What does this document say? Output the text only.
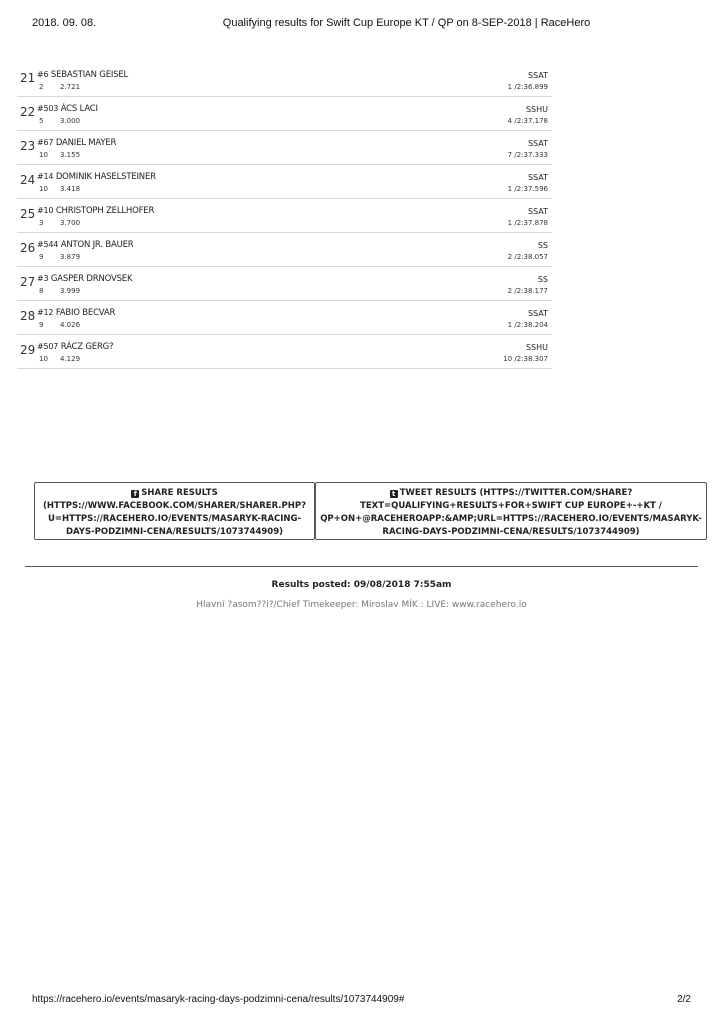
2018. 09. 08.	Qualifying results for Swift Cup Europe KT / QP on 8-SEP-2018 | RaceHero
21 #6 SEBASTIAN GEISEL
2 2.721
SSAT
1 /2:36.899
22 #503 ÁCS LACI
5 3.000
SSHU
4 /2:37.178
23 #67 DANIEL MAYER
10 3.155
SSAT
7 /2:37.333
24 #14 DOMINIK HASELSTEINER
10 3.418
SSAT
1 /2:37.596
25 #10 CHRISTOPH ZELLHOFER
3 3.700
SSAT
1 /2:37.878
26 #544 ANTON JR. BAUER
9 3.879
SS
2 /2:38.057
27 #3 GASPER DRNOVSEK
8 3.999
SS
2 /2:38.177
28 #12 FABIO BECVAR
9 4.026
SSAT
1 /2:38.204
29 #507 RÁCZ GERG?
10 4.129
SSHU
10 /2:38.307
f SHARE RESULTS
(HTTPS://WWW.FACEBOOK.COM/SHARER/SHARER.PHP?
U=HTTPS://RACEHERO.IO/EVENTS/MASARYK-RACING-
DAYS-PODZIMNI-CENA/RESULTS/1073744909)
t TWEET RESULTS (HTTPS://TWITTER.COM/SHARE?
TEXT=QUALIFYING+RESULTS+FOR+SWIFT CUP EUROPE+-+KT /
QP+ON+@RACEHEROAPP:&AMP;URL=HTTPS://RACEHERO.IO/EVENTS/MASARYK-
RACING-DAYS-PODZIMNI-CENA/RESULTS/1073744909)
Results posted: 09/08/2018 7:55am
Hlavní ?asom??i?/Chief Timekeeper: Miroslav MÍK : LIVE: www.racehero.io
https://racehero.io/events/masaryk-racing-days-podzimni-cena/results/1073744909#	2/2
